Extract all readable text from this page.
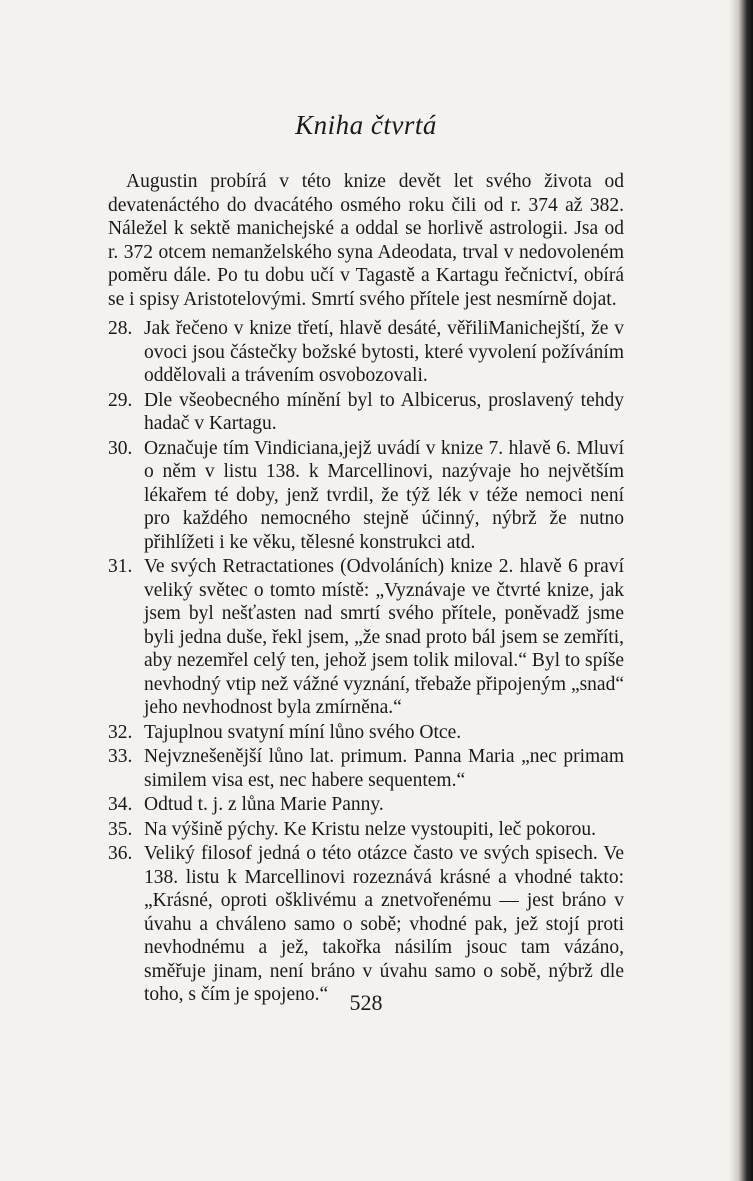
Kniha čtvrtá
Augustin probírá v této knize devět let svého života od devatenáctého do dvacátého osmého roku čili od r. 374 až 382. Náležel k sektě manichejské a oddal se horlivě astrologii. Jsa od r. 372 otcem nemanželského syna Adeodata, trval v nedovoleném poměru dále. Po tu dobu učí v Tagastě a Kartagu řečnictví, obírá se i spisy Aristotelovými. Smrtí svého přítele jest nesmírně dojat.
28. Jak řečeno v knize třetí, hlavě desáté, věřiliManichejští, že v ovoci jsou částečky božské bytosti, které vyvolení požíváním oddělovali a trávením osvobozovali.
29. Dle všeobecného mínění byl to Albicerus, proslavený tehdy hadač v Kartagu.
30. Označuje tím Vindiciana,jejž uvádí v knize 7. hlavě 6. Mluví o něm v listu 138. k Marcellinovi, nazývaje ho největším lékařem té doby, jenž tvrdil, že týž lék v téže nemoci není pro každého nemocného stejně účinný, nýbrž že nutno přihlížeti i ke věku, tělesné konstrukci atd.
31. Ve svých Retractationes (Odvoláních) knize 2. hlavě 6 praví veliký světec o tomto místě: „Vyznávaje ve čtvrté knize, jak jsem byl nešťasten nad smrtí svého přítele, poněvadž jsme byli jedna duše, řekl jsem, „že snad proto bál jsem se zemříti, aby nezemřel celý ten, jehož jsem tolik miloval.“ Byl to spíše nevhodný vtip než vážné vyznání, třebaže připojeným „snad“ jeho nevhodnost byla zmírněna.“
32. Tajuplnou svatyní míní lůno svého Otce.
33. Nejvznešenější lůno lat. primum. Panna Maria „nec primam similem visa est, nec habere sequentem.“
34. Odtud t. j. z lůna Marie Panny.
35. Na výšině pýchy. Ke Kristu nelze vystoupiti, leč pokorou.
36. Veliký filosof jedná o této otázce často ve svých spisech. Ve 138. listu k Marcellinovi rozeznává krásné a vhodné takto: „Krásné, oproti ošklivému a znetvořenému — jest bráno v úvahu a chváleno samo o sobě; vhodné pak, jež stojí proti nevhodnému a jež, takořka násilím jsouc tam vázáno, směřuje jinam, není bráno v úvahu samo o sobě, nýbrž dle toho, s čím je spojeno.“ 528
